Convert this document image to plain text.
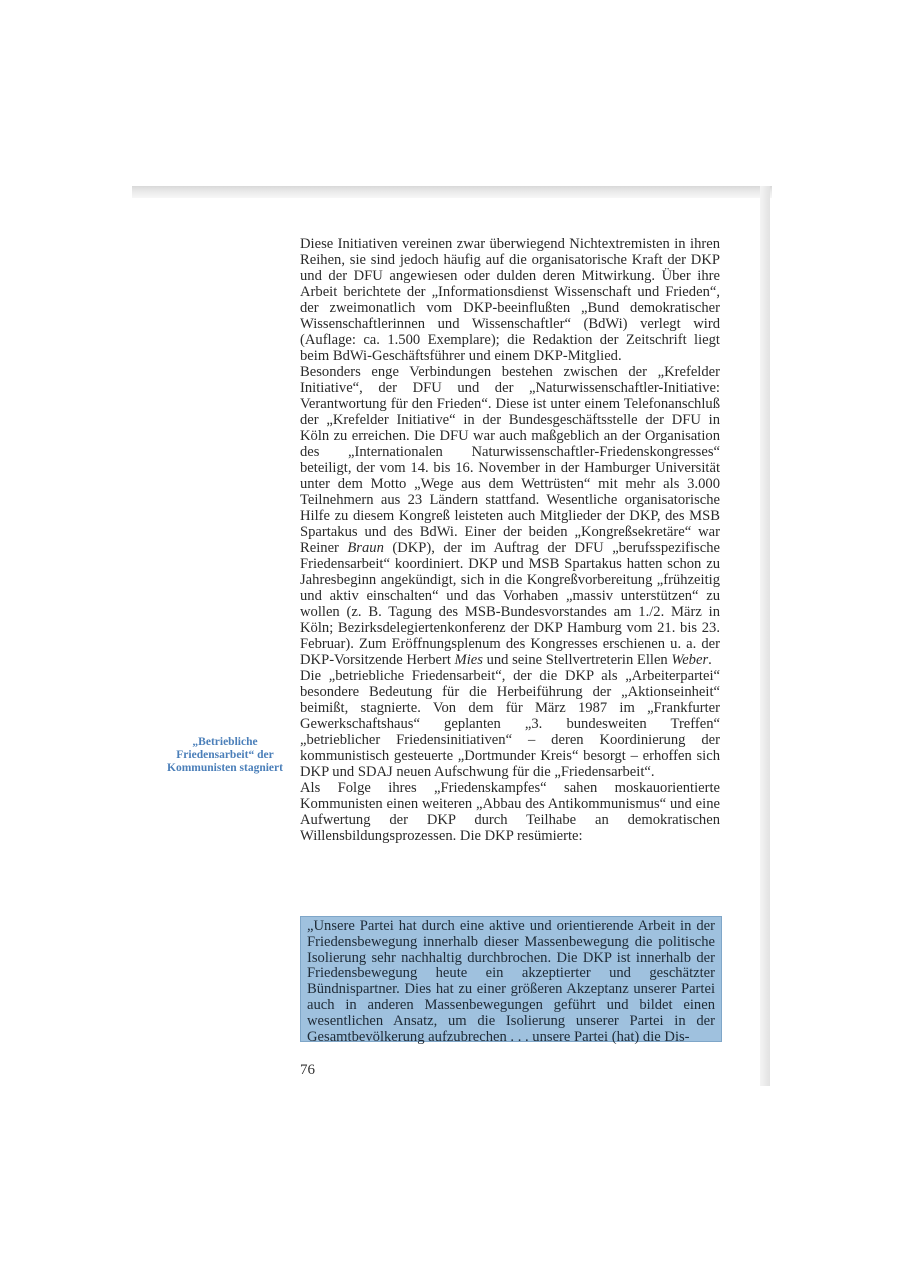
„Betriebliche Friedensarbeit“ der Kommunisten stagniert

Diese Initiativen vereinen zwar überwiegend Nichtextremisten in ihren Reihen, sie sind jedoch häufig auf die organisatorische Kraft der DKP und der DFU angewiesen oder dulden deren Mitwirkung. Über ihre Arbeit berichtete der „Informationsdienst Wissenschaft und Frieden“, der zweimonatlich vom DKP-beeinflußten „Bund demokratischer Wissenschaftlerinnen und Wissenschaftler“ (BdWi) verlegt wird (Auflage: ca. 1.500 Exemplare); die Redaktion der Zeitschrift liegt beim BdWi-Geschäftsführer und einem DKP-Mitglied.

Besonders enge Verbindungen bestehen zwischen der „Krefelder Initiative“, der DFU und der „Naturwissenschaftler-Initiative: Verantwortung für den Frieden“. Diese ist unter einem Telefonanschluß der „Krefelder Initiative“ in der Bundesgeschäftsstelle der DFU in Köln zu erreichen. Die DFU war auch maßgeblich an der Organisation des „Internationalen Naturwissenschaftler-Friedenskongresses“ beteiligt, der vom 14. bis 16. November in der Hamburger Universität unter dem Motto „Wege aus dem Wettrüsten“ mit mehr als 3.000 Teilnehmern aus 23 Ländern stattfand. Wesentliche organisatorische Hilfe zu diesem Kongreß leisteten auch Mitglieder der DKP, des MSB Spartakus und des BdWi. Einer der beiden „Kongreßsekretäre“ war Reiner Braun (DKP), der im Auftrag der DFU „berufsspezifische Friedensarbeit“ koordiniert. DKP und MSB Spartakus hatten schon zu Jahresbeginn angekündigt, sich in die Kongreßvorbereitung „frühzeitig und aktiv einschalten“ und das Vorhaben „massiv unterstützen“ zu wollen (z. B. Tagung des MSB-Bundesvorstandes am 1./2. März in Köln; Bezirksdelegiertenkonferenz der DKP Hamburg vom 21. bis 23. Februar). Zum Eröffnungsplenum des Kongresses erschienen u. a. der DKP-Vorsitzende Herbert Mies und seine Stellvertreterin Ellen Weber.

Die „betriebliche Friedensarbeit“, der die DKP als „Arbeiterpartei“ besondere Bedeutung für die Herbeiführung der „Aktionseinheit“ beimißt, stagnierte. Von dem für März 1987 im „Frankfurter Gewerkschaftshaus“ geplanten „3. bundesweiten Treffen“ „betrieblicher Friedensinitiativen“ – deren Koordinierung der kommunistisch gesteuerte „Dortmunder Kreis“ besorgt – erhoffen sich DKP und SDAJ neuen Aufschwung für die „Friedensarbeit“.

Als Folge ihres „Friedenskampfes“ sahen moskauorientierte Kommunisten einen weiteren „Abbau des Antikommunismus“ und eine Aufwertung der DKP durch Teilhabe an demokratischen Willensbildungsprozessen. Die DKP resümierte:

„Unsere Partei hat durch eine aktive und orientierende Arbeit in der Friedensbewegung innerhalb dieser Massenbewegung die politische Isolierung sehr nachhaltig durchbrochen. Die DKP ist innerhalb der Friedensbewegung heute ein akzeptierter und geschätzter Bündnispartner. Dies hat zu einer größeren Akzeptanz unserer Partei auch in anderen Massenbewegungen geführt und bildet einen wesentlichen Ansatz, um die Isolierung unserer Partei in der Gesamtbevölkerung aufzubrechen . . . unsere Partei (hat) die Dis-

76
